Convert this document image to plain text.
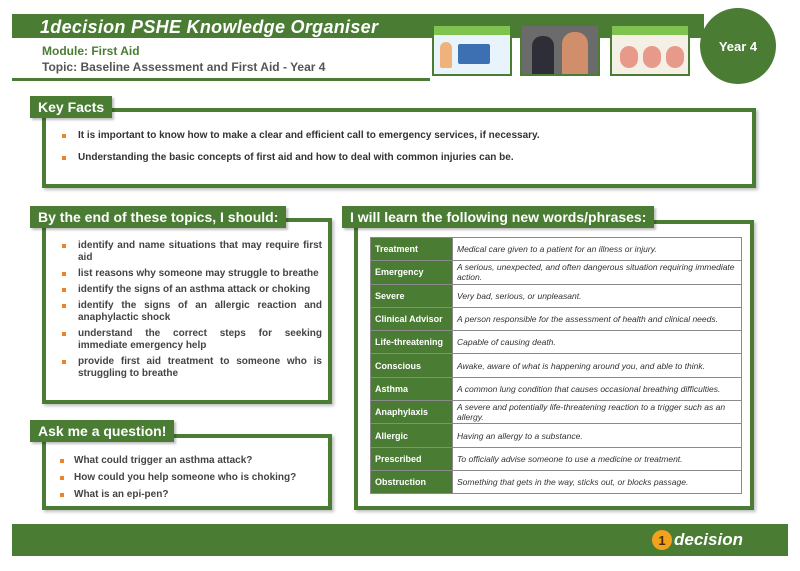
1decision PSHE Knowledge Organiser
Module: First Aid
Topic: Baseline Assessment and First Aid - Year 4
Year 4
Key Facts
It is important to know how to make a clear and efficient call to emergency services, if necessary.
Understanding the basic concepts of first aid and how to deal with common injuries can be.
By the end of these topics, I should:
identify and name situations that may require first aid
list reasons why someone may struggle to breathe
identify the signs of an asthma attack or choking
identify the signs of an allergic reaction and anaphylactic shock
understand the correct steps for seeking immediate emergency help
provide first aid treatment to someone who is struggling to breathe
Ask me a question!
What could trigger an asthma attack?
How could you help someone who is choking?
What is an epi-pen?
I will learn the following new words/phrases:
Treatment	Medical care given to a patient for an illness or injury.
Emergency	A serious, unexpected, and often dangerous situation requiring immediate action.
Severe	Very bad, serious, or unpleasant.
Clinical Advisor	A person responsible for the assessment of health and clinical needs.
Life-threatening	Capable of causing death.
Conscious	Awake, aware of what is happening around you, and able to think.
Asthma	A common lung condition that causes occasional breathing difficulties.
Anaphylaxis	A severe and potentially life-threatening reaction to a trigger such as an allergy.
Allergic	Having an allergy to a substance.
Prescribed	To officially advise someone to use a medicine or treatment.
Obstruction	Something that gets in the way, sticks out, or blocks passage.
1 decision
